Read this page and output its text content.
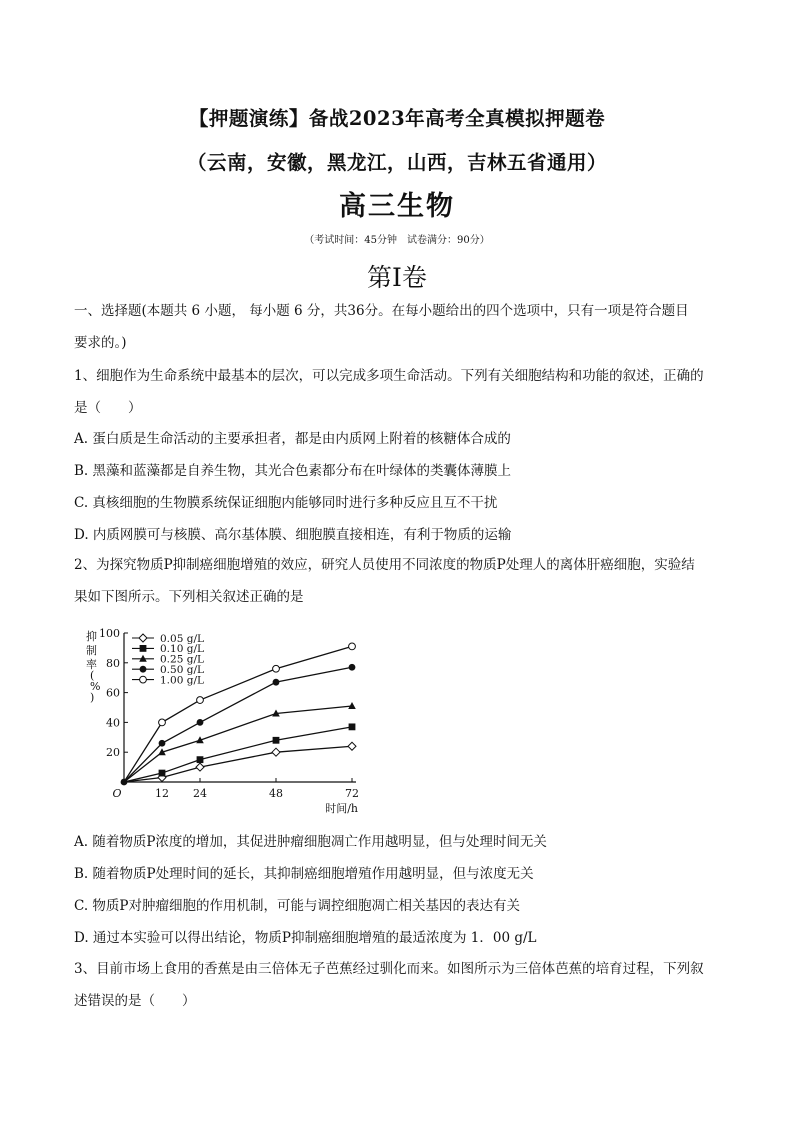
【押题演练】备战2023年高考全真模拟押题卷
（云南，安徽，黑龙江，山西，吉林五省通用）
高三生物
（考试时间：45分钟　试卷满分：90分）
第I卷
一、选择题(本题共 6 小题， 每小题 6 分，共36分。在每小题给出的四个选项中，只有一项是符合题目
要求的。)
1、细胞作为生命系统中最基本的层次，可以完成多项生命活动。下列有关细胞结构和功能的叙述，正确的
是（　　）
A. 蛋白质是生命活动的主要承担者，都是由内质网上附着的核糖体合成的
B. 黑藻和蓝藻都是自养生物，其光合色素都分布在叶绿体的类囊体薄膜上
C. 真核细胞的生物膜系统保证细胞内能够同时进行多种反应且互不干扰
D. 内质网膜可与核膜、高尔基体膜、细胞膜直接相连，有利于物质的运输
2、为探究物质P抑制癌细胞增殖的效应，研究人员使用不同浓度的物质P处理人的离体肝癌细胞，实验结
果如下图所示。下列相关叙述正确的是
20
40
60
80
100
12 24	48	72
O
时间/h
抑制率( % )
0.05 g/L
0.10 g/L
0.25 g/L
0.50 g/L
1.00 g/L
A. 随着物质P浓度的增加，其促进肿瘤细胞凋亡作用越明显，但与处理时间无关
B. 随着物质P处理时间的延长，其抑制癌细胞增殖作用越明显，但与浓度无关
C. 物质P对肿瘤细胞的作用机制，可能与调控细胞凋亡相关基因的表达有关
D. 通过本实验可以得出结论，物质P抑制癌细胞增殖的最适浓度为 1．00 g/L
3、目前市场上食用的香蕉是由三倍体无子芭蕉经过驯化而来。如图所示为三倍体芭蕉的培育过程，下列叙
述错误的是（　　）
